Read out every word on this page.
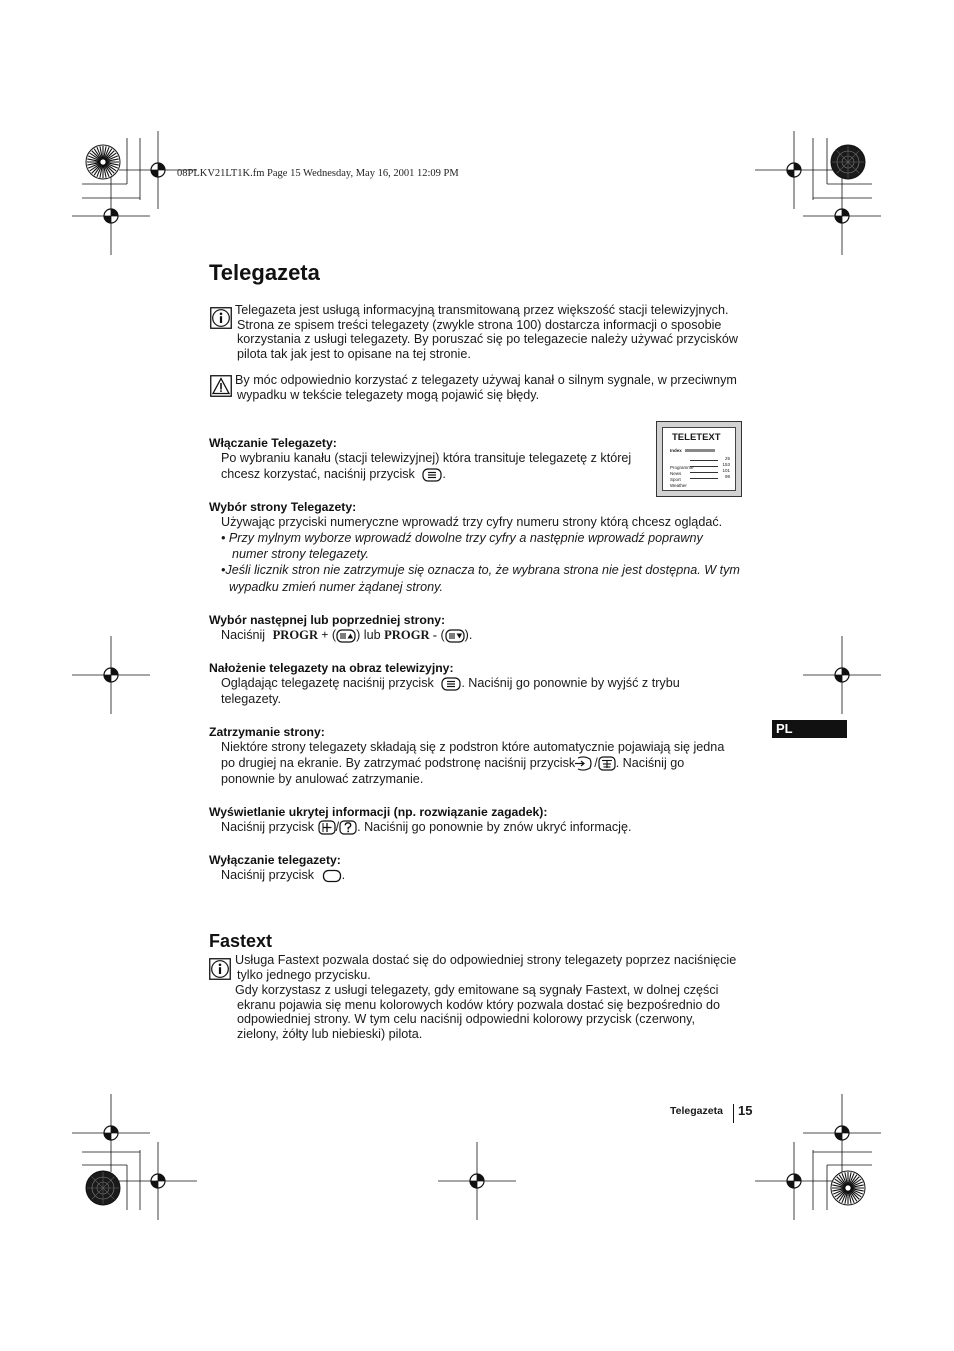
08PLKV21LT1K.fm Page 15 Wednesday, May 16, 2001 12:09 PM
Telegazeta
Telegazeta jest usługą informacyjną transmitowaną przez większość stacji telewizyjnych.
Strona ze spisem treści telegazety (zwykle strona 100) dostarcza informacji o sposobie
korzystania z usługi telegazety. By poruszać się po telegazecie należy używać przycisków
pilota tak jak jest to opisane na tej stronie.
By móc odpowiednio korzystać z telegazety używaj kanał o silnym sygnale, w przeciwnym
wypadku w tekście telegazety mogą pojawić się błędy.
TELETEXT
Index
Programme
25
News
153
Sport
101
Weather
98
Włączanie Telegazety:
Po wybraniu kanału (stacji telewizyjnej) która transituje telegazetę z której
chcesz korzystać, naciśnij przycisk .
Wybór strony Telegazety:
Używając przyciski numeryczne wprowadź trzy cyfry numeru strony którą chcesz oglądać.
• Przy mylnym wyborze wprowadź dowolne trzy cyfry a następnie wprowadź poprawny
numer strony telegazety.
•Jeśli licznik stron nie zatrzymuje się oznacza to, że wybrana strona nie jest dostępna. W tym
wypadku zmień numer żądanej strony.
Wybór następnej lub poprzedniej strony:
Naciśnij PROGR + ( ) lub PROGR - ( ).
Nałożenie telegazety na obraz telewizyjny:
Oglądając telegazetę naciśnij przycisk . Naciśnij go ponownie by wyjść z trybu
telegazety.
Zatrzymanie strony:
Niektóre strony telegazety składają się z podstron które automatycznie pojawiają się jedna
po drugiej na ekranie. By zatrzymać podstronę naciśnij przycisk / . Naciśnij go
ponownie by anulować zatrzymanie.
Wyświetlanie ukrytej informacji (np. rozwiązanie zagadek):
Naciśnij przycisk / . Naciśnij go ponownie by znów ukryć informację.
Wyłączanie telegazety:
Naciśnij przycisk .
Fastext
Usługa Fastext pozwala dostać się do odpowiedniej strony telegazety poprzez naciśnięcie
tylko jednego przycisku.
Gdy korzystasz z usługi telegazety, gdy emitowane są sygnały Fastext, w dolnej części
ekranu pojawia się menu kolorowych kodów który pozwala dostać się bezpośrednio do
odpowiedniej strony. W tym celu naciśnij odpowiedni kolorowy przycisk (czerwony,
zielony, żółty lub niebieski) pilota.
PL
Telegazeta 15
